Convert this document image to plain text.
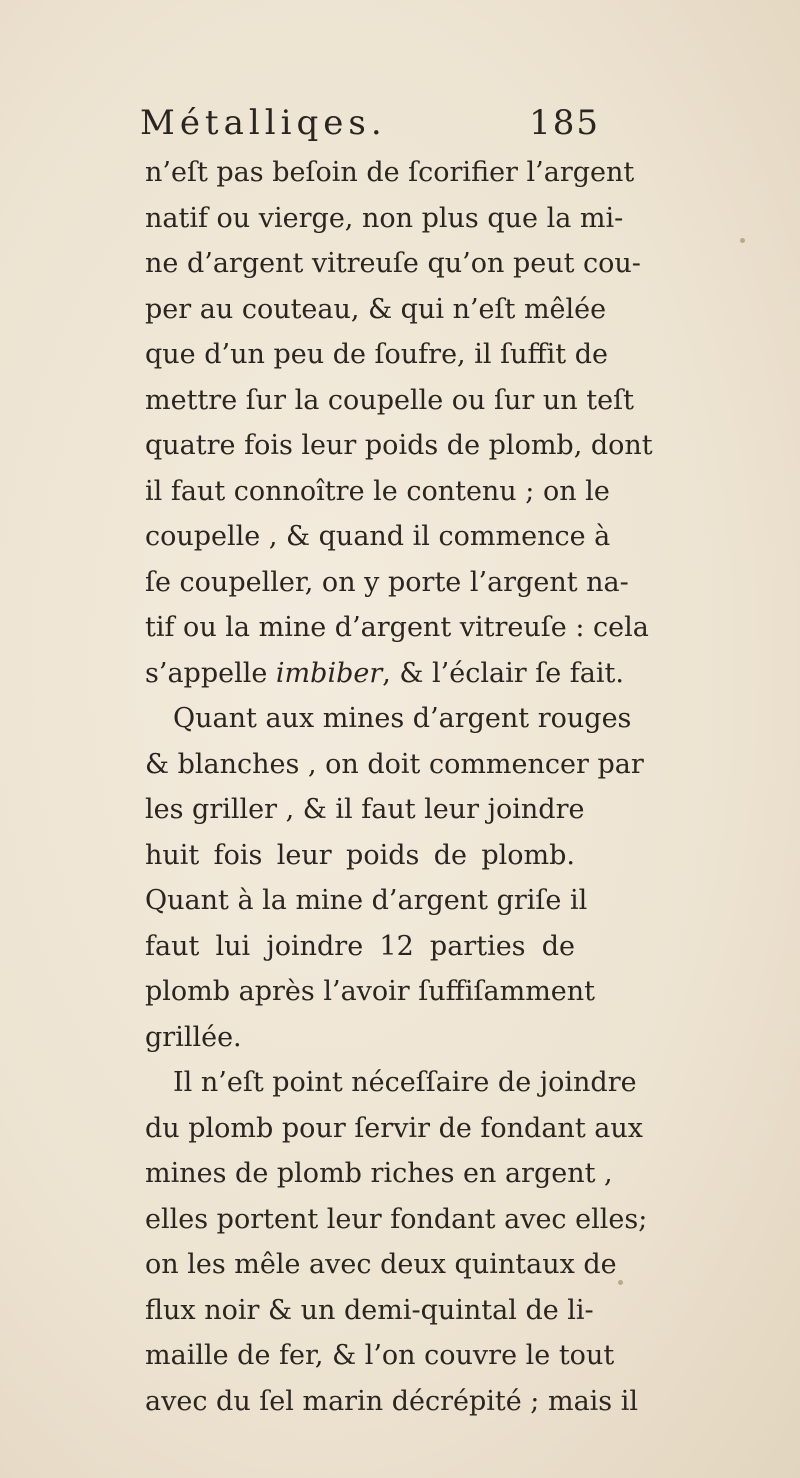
Métalliqes.	185
n’eſt pas beſoin de ſcorifier l’argent
natif ou vierge, non plus que la mi-
ne d’argent vitreuſe qu’on peut cou-
per au couteau, & qui n’eſt mêlée
que d’un peu de ſoufre, il ſuffit de
mettre ſur la coupelle ou ſur un teſt
quatre fois leur poids de plomb, dont
il faut connoître le contenu ; on le
coupelle , & quand il commence à
ſe coupeller, on y porte l’argent na-
tif ou la mine d’argent vitreuſe : cela
s’appelle imbiber, & l’éclair ſe fait.
Quant aux mines d’argent rouges
& blanches , on doit commencer par
les griller , & il faut leur joindre
huit fois leur poids de plomb.
Quant à la mine d’argent griſe il
faut lui joindre 12 parties de
plomb après l’avoir ſuffiſamment
grillée.
Il n’eſt point néceſſaire de joindre
du plomb pour ſervir de fondant aux
mines de plomb riches en argent ,
elles portent leur fondant avec elles;
on les mêle avec deux quintaux de
flux noir & un demi-quintal de li-
maille de fer, & l’on couvre le tout
avec du ſel marin décrépité ; mais il
